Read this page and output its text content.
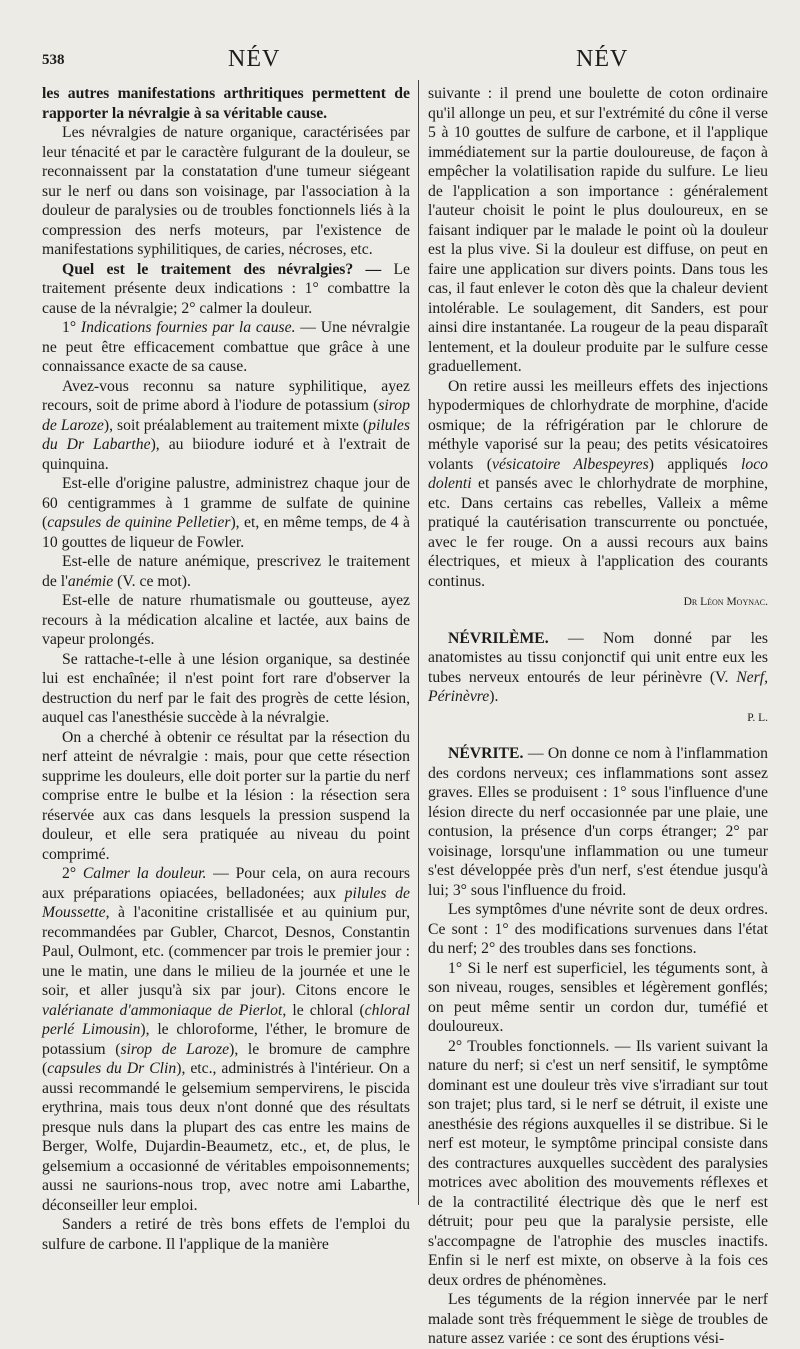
538	NÉV	NÉV

les autres manifestations arthritiques permettent de rapporter la névralgie à sa véritable cause.

Les névralgies de nature organique, caractérisées par leur ténacité et par le caractère fulgurant de la douleur, se reconnaissent par la constatation d'une tumeur siégeant sur le nerf ou dans son voisinage, par l'association à la douleur de paralysies ou de troubles fonctionnels liés à la compression des nerfs moteurs, par l'existence de manifestations syphilitiques, de caries, nécroses, etc.

Quel est le traitement des névralgies? — Le traitement présente deux indications : 1° combattre la cause de la névralgie; 2° calmer la douleur.

1° Indications fournies par la cause. — Une névralgie ne peut être efficacement combattue que grâce à une connaissance exacte de sa cause.

Avez-vous reconnu sa nature syphilitique, ayez recours, soit de prime abord à l'iodure de potassium (sirop de Laroze), soit préalablement au traitement mixte (pilules du Dr Labarthe), au biiodure ioduré et à l'extrait de quinquina.

Est-elle d'origine palustre, administrez chaque jour de 60 centigrammes à 1 gramme de sulfate de quinine (capsules de quinine Pelletier), et, en même temps, de 4 à 10 gouttes de liqueur de Fowler.

Est-elle de nature anémique, prescrivez le traitement de l'anémie (V. ce mot).

Est-elle de nature rhumatismale ou goutteuse, ayez recours à la médication alcaline et lactée, aux bains de vapeur prolongés.

Se rattache-t-elle à une lésion organique, sa destinée lui est enchaînée; il n'est point fort rare d'observer la destruction du nerf par le fait des progrès de cette lésion, auquel cas l'anesthésie succède à la névralgie.

On a cherché à obtenir ce résultat par la résection du nerf atteint de névralgie : mais, pour que cette résection supprime les douleurs, elle doit porter sur la partie du nerf comprise entre le bulbe et la lésion : la résection sera réservée aux cas dans lesquels la pression suspend la douleur, et elle sera pratiquée au niveau du point comprimé.

2° Calmer la douleur. — Pour cela, on aura recours aux préparations opiacées, belladonées; aux pilules de Moussette, à l'aconitine cristallisée et au quinium pur, recommandées par Gubler, Charcot, Desnos, Constantin Paul, Oulmont, etc. (commencer par trois le premier jour : une le matin, une dans le milieu de la journée et une le soir, et aller jusqu'à six par jour). Citons encore le valérianate d'ammoniaque de Pierlot, le chloral (chloral perlé Limousin), le chloroforme, l'éther, le bromure de potassium (sirop de Laroze), le bromure de camphre (capsules du Dr Clin), etc., administrés à l'intérieur. On a aussi recommandé le gelsemium sempervirens, le piscida erythrina, mais tous deux n'ont donné que des résultats presque nuls dans la plupart des cas entre les mains de Berger, Wolfe, Dujardin-Beaumetz, etc., et, de plus, le gelsemium a occasionné de véritables empoisonnements; aussi ne saurions-nous trop, avec notre ami Labarthe, déconseiller leur emploi.

Sanders a retiré de très bons effets de l'emploi du sulfure de carbone. Il l'applique de la manière

suivante : il prend une boulette de coton ordinaire qu'il allonge un peu, et sur l'extrémité du cône il verse 5 à 10 gouttes de sulfure de carbone, et il l'applique immédiatement sur la partie douloureuse, de façon à empêcher la volatilisation rapide du sulfure. Le lieu de l'application a son importance : généralement l'auteur choisit le point le plus douloureux, en se faisant indiquer par le malade le point où la douleur est la plus vive. Si la douleur est diffuse, on peut en faire une application sur divers points. Dans tous les cas, il faut enlever le coton dès que la chaleur devient intolérable. Le soulagement, dit Sanders, est pour ainsi dire instantanée. La rougeur de la peau disparaît lentement, et la douleur produite par le sulfure cesse graduellement.

On retire aussi les meilleurs effets des injections hypodermiques de chlorhydrate de morphine, d'acide osmique; de la réfrigération par le chlorure de méthyle vaporisé sur la peau; des petits vésicatoires volants (vésicatoire Albespeyres) appliqués loco dolenti et pansés avec le chlorhydrate de morphine, etc. Dans certains cas rebelles, Valleix a même pratiqué la cautérisation transcurrente ou ponctuée, avec le fer rouge. On a aussi recours aux bains électriques, et mieux à l'application des courants continus.

Dr Léon Moynac.

NÉVRILÈME. — Nom donné par les anatomistes au tissu conjonctif qui unit entre eux les tubes nerveux entourés de leur périnèvre (V. Nerf, Périnèvre).

P. L.

NÉVRITE. — On donne ce nom à l'inflammation des cordons nerveux; ces inflammations sont assez graves. Elles se produisent : 1° sous l'influence d'une lésion directe du nerf occasionnée par une plaie, une contusion, la présence d'un corps étranger; 2° par voisinage, lorsqu'une inflammation ou une tumeur s'est développée près d'un nerf, s'est étendue jusqu'à lui; 3° sous l'influence du froid.

Les symptômes d'une névrite sont de deux ordres. Ce sont : 1° des modifications survenues dans l'état du nerf; 2° des troubles dans ses fonctions.

1° Si le nerf est superficiel, les téguments sont, à son niveau, rouges, sensibles et légèrement gonflés; on peut même sentir un cordon dur, tuméfié et douloureux.

2° Troubles fonctionnels. — Ils varient suivant la nature du nerf; si c'est un nerf sensitif, le symptôme dominant est une douleur très vive s'irradiant sur tout son trajet; plus tard, si le nerf se détruit, il existe une anesthésie des régions auxquelles il se distribue. Si le nerf est moteur, le symptôme principal consiste dans des contractures auxquelles succèdent des paralysies motrices avec abolition des mouvements réflexes et de la contractilité électrique dès que le nerf est détruit; pour peu que la paralysie persiste, elle s'accompagne de l'atrophie des muscles inactifs. Enfin si le nerf est mixte, on observe à la fois ces deux ordres de phénomènes.

Les téguments de la région innervée par le nerf malade sont très fréquemment le siège de troubles de nature assez variée : ce sont des éruptions vési-
